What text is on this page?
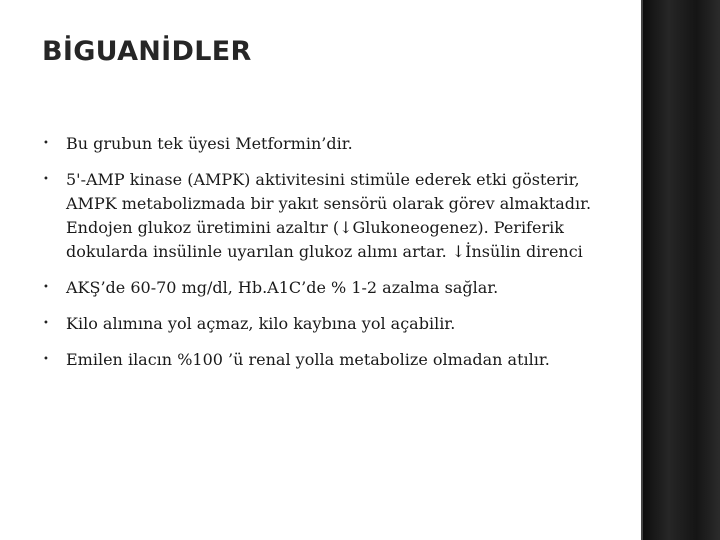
BİGUANİDLER
• Bu grubun tek üyesi Metformin’dir.
• 5'-AMP kinase (AMPK) aktivitesini stimüle ederek etki gösterir, AMPK metabolizmada bir yakıt sensörü olarak görev almaktadır. Endojen glukoz üretimini azaltır (↓Glukoneogenez). Periferik dokularda insülinle uyarılan glukoz alımı artar. ↓İnsülin direnci
• AKŞ’de 60-70 mg/dl, Hb.A1C’de % 1-2 azalma sağlar.
• Kilo alımına yol açmaz, kilo kaybına yol açabilir.
• Emilen ilacın %100 ’ü renal yolla metabolize olmadan atılır.
